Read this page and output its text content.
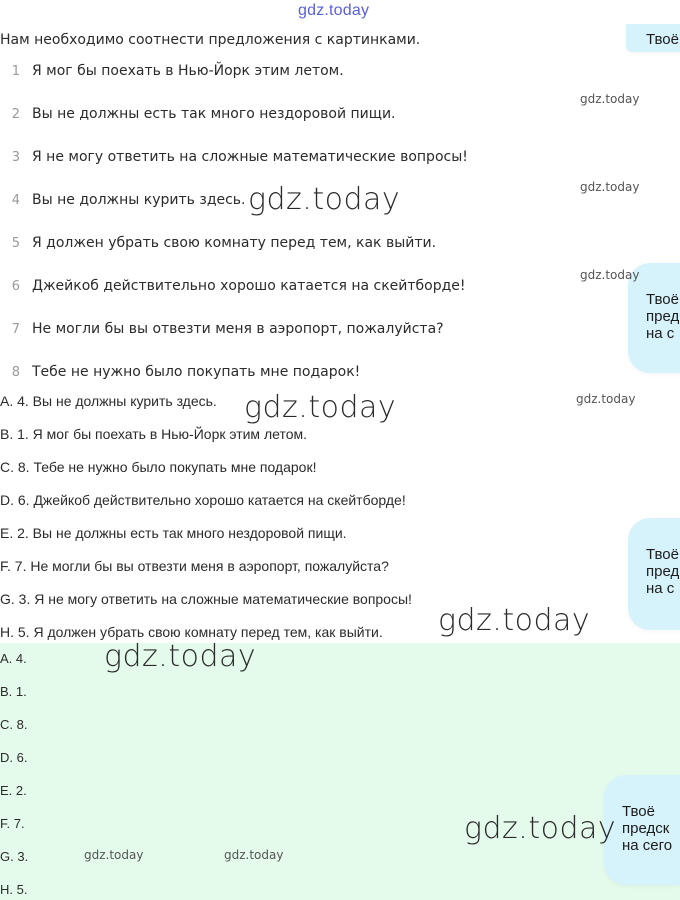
gdz.today
Твоё
Нам необходимо соотнести предложения с картинками.
1 Я мог бы поехать в Нью-Йорк этим летом.
2 Вы не должны есть так много нездоровой пищи.
3 Я не могу ответить на сложные математические вопросы!
4 Вы не должны курить здесь.
5 Я должен убрать свою комнату перед тем, как выйти.
6 Джейкоб действительно хорошо катается на скейтборде!
7 Не могли бы вы отвезти меня в аэропорт, пожалуйста?
8 Тебе не нужно было покупать мне подарок!
A. 4. Вы не должны курить здесь.
B. 1. Я мог бы поехать в Нью-Йорк этим летом.
C. 8. Тебе не нужно было покупать мне подарок!
D. 6. Джейкоб действительно хорошо катается на скейтборде!
E. 2. Вы не должны есть так много нездоровой пищи.
F. 7. Не могли бы вы отвезти меня в аэропорт, пожалуйста?
G. 3. Я не могу ответить на сложные математические вопросы!
H. 5. Я должен убрать свою комнату перед тем, как выйти.
A. 4.
B. 1.
C. 8.
D. 6.
E. 2.
F. 7.
G. 3.
H. 5.
Твоё
пред
на с
Твоё
пред
на с
Твоё
предск
на сего
gdz.today
gdz.today
gdz.today
gdz.today
gdz.today
gdz.today
gdz.today
gdz.today
gdz.today
gdz.today	gdz.today
